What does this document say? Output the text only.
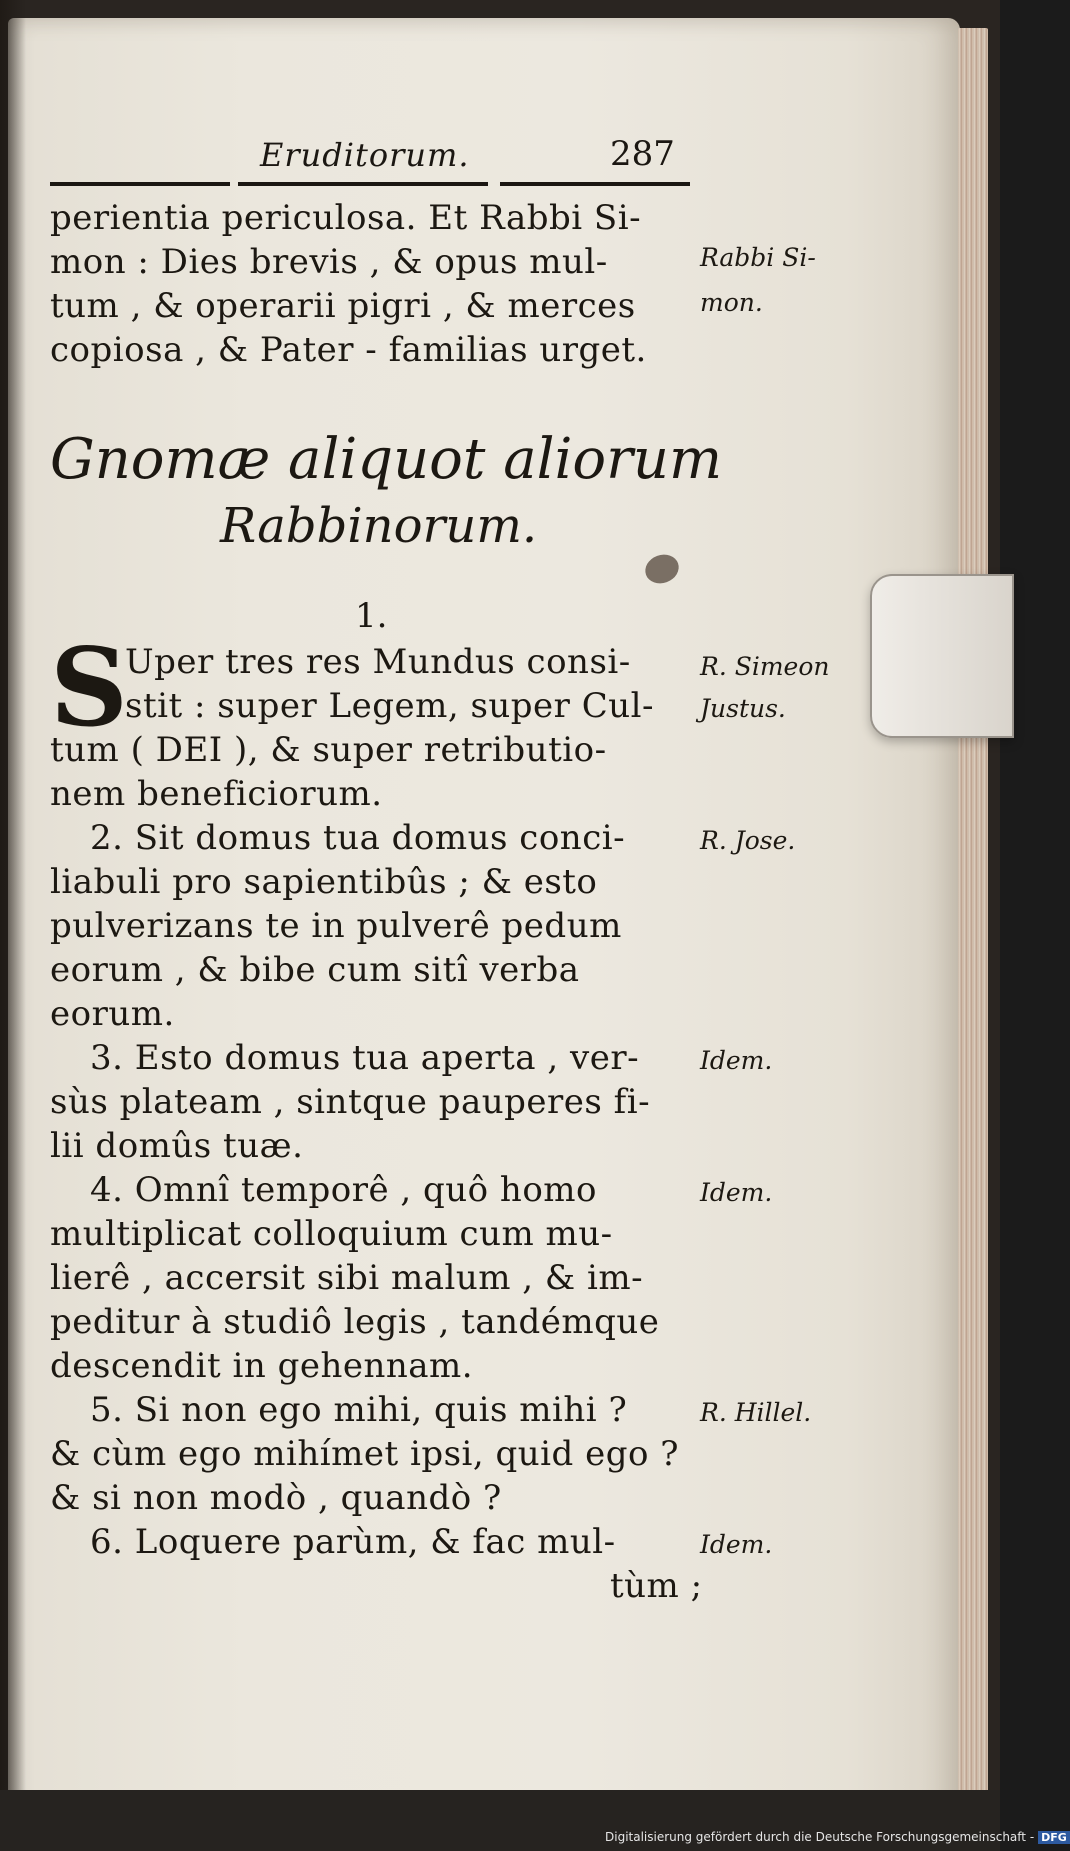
Eruditorum.	287
perientia periculosa. Et Rabbi Si-
mon : Dies brevis , & opus mul-
tum , & operarii pigri , & merces
copiosa , & Pater - familias urget.
Rabbi Si-
mon.
Gnomæ aliquot aliorum
Rabbinorum.
1.
S
Uper tres res Mundus consi-
stit : super Legem, super Cul-
tum ( DEI ), & super retributio-
nem beneficiorum.
R. Simeon
Justus.
2. Sit domus tua domus conci-
liabuli pro sapientibûs ; & esto
pulverizans te in pulverê pedum
eorum , & bibe cum sitî verba
eorum.
3. Esto domus tua aperta , ver-
sùs plateam , sintque pauperes fi-
lii domûs tuæ.
4. Omnî temporê , quô homo
multiplicat colloquium cum mu-
lierê , accersit sibi malum , & im-
peditur à studiô legis , tandémque
descendit in gehennam.
5. Si non ego mihi, quis mihi ?
& cùm ego mihímet ipsi, quid ego ?
& si non modò , quandò ?
6. Loquere parùm, & fac mul-
tùm ;
R. Jose.
Idem.
Idem.
R. Hillel.
Idem.
Digitalisierung gefördert durch die Deutsche Forschungsgemeinschaft - DFG
